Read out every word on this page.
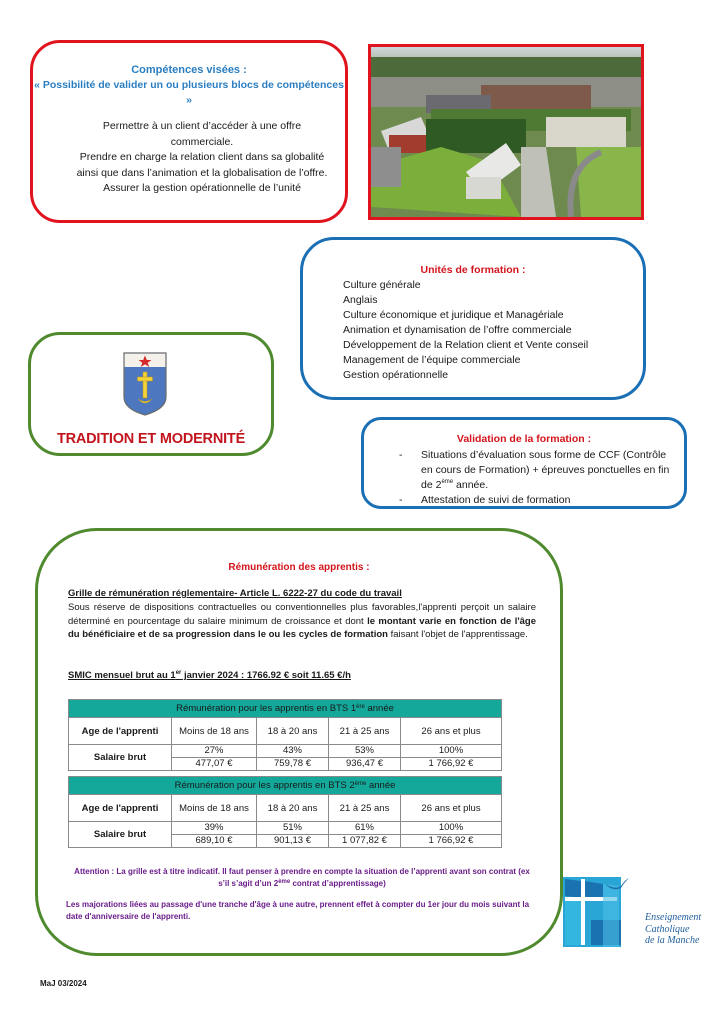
Compétences visées :
« Possibilité de valider un ou plusieurs blocs de compétences »
Permettre à un client d’accéder à une offre commerciale.
Prendre en charge la relation client dans sa globalité ainsi que dans l’animation et la globalisation de l’offre.
Assurer la gestion opérationnelle de l’unité
Unités de formation :
Culture générale
Anglais
Culture économique et juridique et Managériale
Animation et dynamisation de l’offre commerciale
Développement de la Relation client et Vente conseil
Management de l’équipe commerciale
Gestion opérationnelle
TRADITION ET MODERNITÉ	Validation de la formation :
- Situations d’évaluation sous forme de CCF (Contrôle en cours de Formation) + épreuves ponctuelles en fin de 2ème année.
- Attestation de suivi de formation
Rémunération des apprentis :
Grille de rémunération réglementaire- Article L. 6222-27 du code du travail
Sous réserve de dispositions contractuelles ou conventionnelles plus favorables,l'apprenti perçoit un salaire déterminé en pourcentage du salaire minimum de croissance et dont le montant varie en fonction de l'âge du bénéficiaire et de sa progression dans le ou les cycles de formation faisant l'objet de l'apprentissage.
SMIC mensuel brut au 1er janvier 2024 : 1766.92 € soit 11.65 €/h
Rémunération pour les apprentis en BTS 1ère année				
Age de l'apprenti	Moins de 18 ans	18 à 20 ans	21 à 25 ans	26 ans et plus
Salaire brut	27%	43%	53%	100%
	477,07 €	759,78 €	936,47 €	1 766,92 €
Rémunération pour les apprentis en BTS 2ème année				
Age de l'apprenti	Moins de 18 ans	18 à 20 ans	21 à 25 ans	26 ans et plus
Salaire brut	39%	51%	61%	100%
	689,10 €	901,13 €	1 077,82 €	1 766,92 €
Attention : La grille est à titre indicatif. Il faut penser à prendre en compte la situation de l’apprenti avant son contrat (ex s’il s’agit d’un 2ème contrat d’apprentissage)
Les majorations liées au passage d'une tranche d'âge à une autre, prennent effet à compter du 1er jour du mois suivant la date d'anniversaire de l'apprenti.	Enseignement
Catholique
de la Manche
MaJ 03/2024
